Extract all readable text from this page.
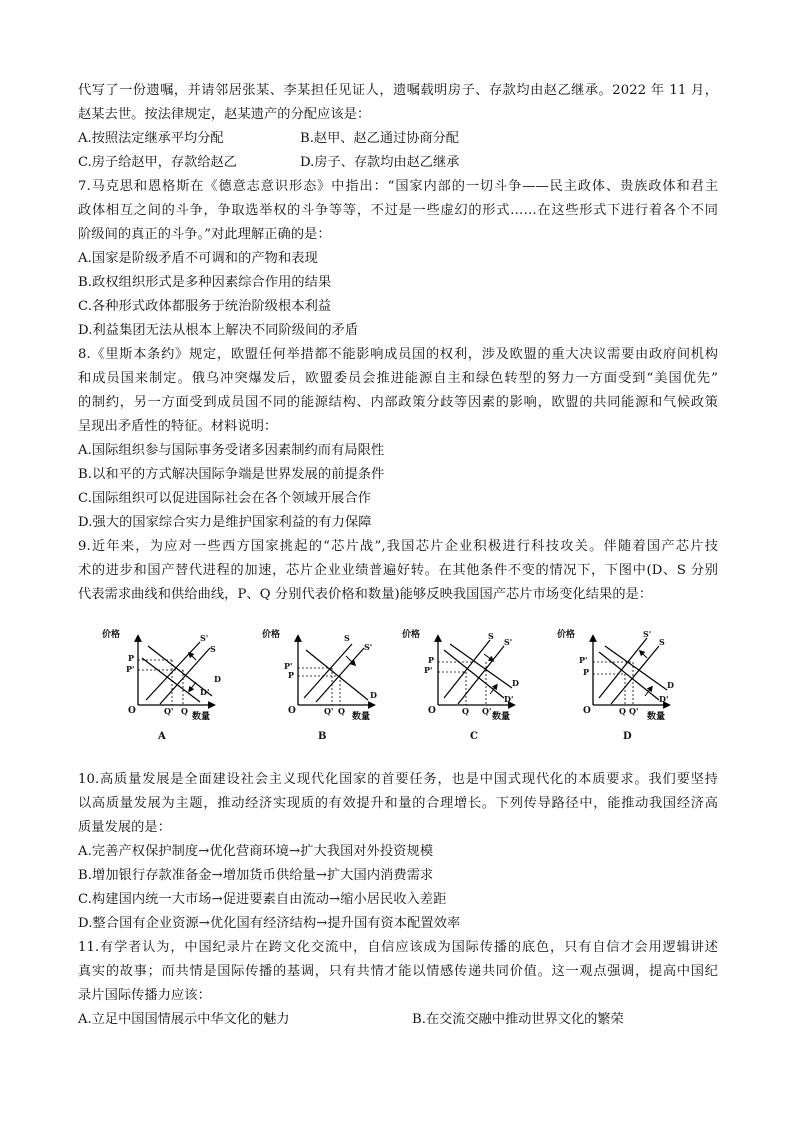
代写了一份遗嘱，并请邻居张某、李某担任见证人，遗嘱载明房子、存款均由赵乙继承。2022 年 11 月，
赵某去世。按法律规定，赵某遗产的分配应该是：
A.按照法定继承平均分配	B.赵甲、赵乙通过协商分配
C.房子给赵甲，存款给赵乙	D.房子、存款均由赵乙继承
7.马克思和恩格斯在《德意志意识形态》中指出：“国家内部的一切斗争——民主政体、贵族政体和君主
政体相互之间的斗争，争取选举权的斗争等等，不过是一些虚幻的形式……在这些形式下进行着各个不同
阶级间的真正的斗争。”对此理解正确的是：
A.国家是阶级矛盾不可调和的产物和表现
B.政权组织形式是多种因素综合作用的结果
C.各种形式政体都服务于统治阶级根本利益
D.利益集团无法从根本上解决不同阶级间的矛盾
8.《里斯本条约》规定，欧盟任何举措都不能影响成员国的权利，涉及欧盟的重大决议需要由政府间机构
和成员国来制定。俄乌冲突爆发后，欧盟委员会推进能源自主和绿色转型的努力一方面受到“美国优先”
的制约，另一方面受到成员国不同的能源结构、内部政策分歧等因素的影响，欧盟的共同能源和气候政策
呈现出矛盾性的特征。材料说明：
A.国际组织参与国际事务受诸多因素制约而有局限性
B.以和平的方式解决国际争端是世界发展的前提条件
C.国际组织可以促进国际社会在各个领域开展合作
D.强大的国家综合实力是维护国家利益的有力保障
9.近年来，为应对一些西方国家挑起的“芯片战”,我国芯片企业积极进行科技攻关。伴随着国产芯片技
术的进步和国产替代进程的加速，芯片企业业绩普遍好转。在其他条件不变的情况下，下图中(D、S 分别
代表需求曲线和供给曲线，P、Q 分别代表价格和数量)能够反映我国国产芯片市场变化结果的是：
价格
数量
O
P
P'
Q' Q
S'
S
D
D'
A
价格
数量
O
P'
P
Q' Q
S
S'
D
B
价格
数量
O
P
P'
Q Q'
S
S'
D
D'
C
价格
数量
O
P'
P
Q Q'
S'
S
D
D'
D
10.高质量发展是全面建设社会主义现代化国家的首要任务，也是中国式现代化的本质要求。我们要坚持
以高质量发展为主题，推动经济实现质的有效提升和量的合理增长。下列传导路径中，能推动我国经济高
质量发展的是：
A.完善产权保护制度→优化营商环境→扩大我国对外投资规模
B.增加银行存款准备金→增加货币供给量→扩大国内消费需求
C.构建国内统一大市场→促进要素自由流动→缩小居民收入差距
D.整合国有企业资源→优化国有经济结构→提升国有资本配置效率
11.有学者认为，中国纪录片在跨文化交流中，自信应该成为国际传播的底色，只有自信才会用逻辑讲述
真实的故事；而共情是国际传播的基调，只有共情才能以情感传递共同价值。这一观点强调，提高中国纪
录片国际传播力应该：
A.立足中国国情展示中华文化的魅力	B.在交流交融中推动世界文化的繁荣
